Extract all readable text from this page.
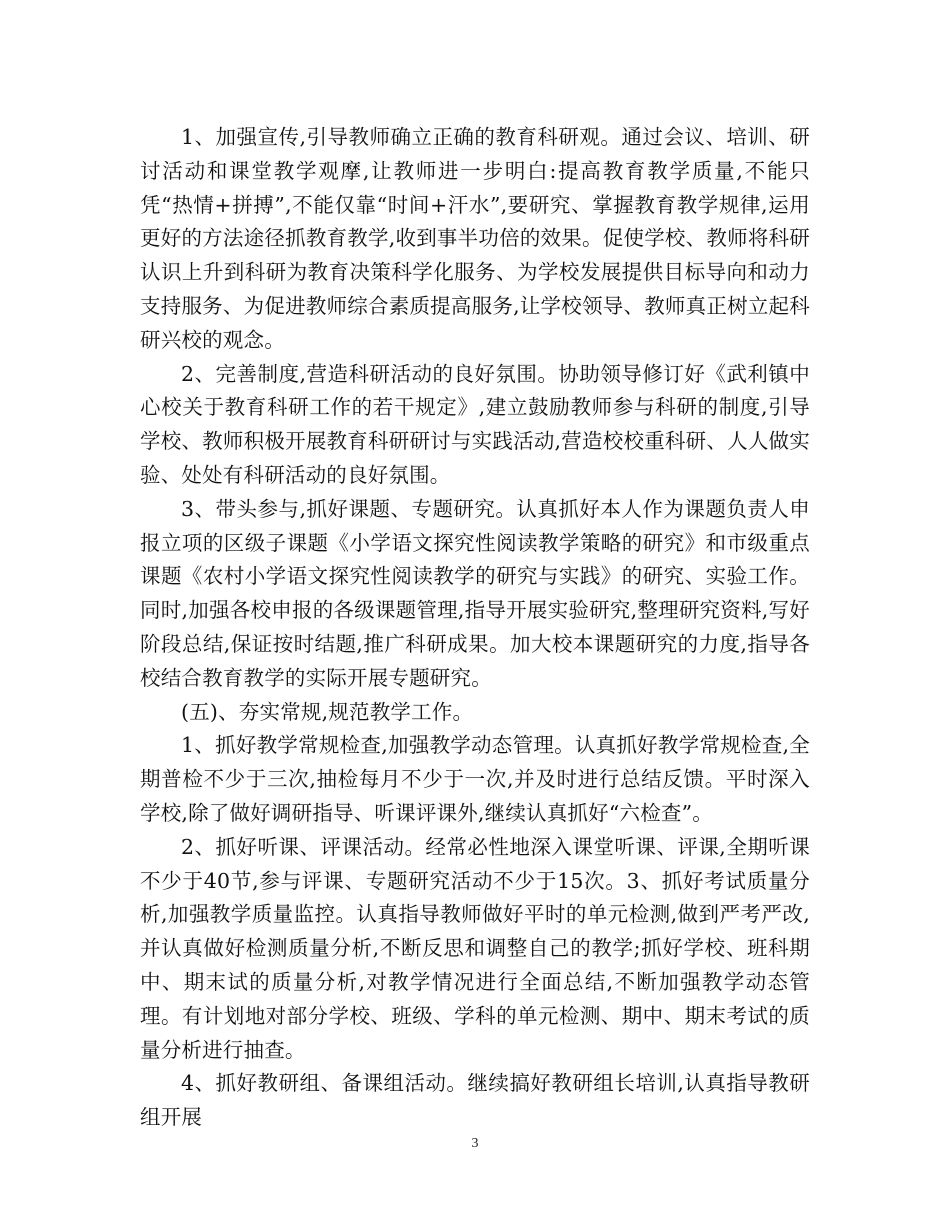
1、加强宣传,引导教师确立正确的教育科研观。通过会议、培训、研讨活动和课堂教学观摩,让教师进一步明白:提高教育教学质量,不能只凭“热情+拼搏”,不能仅靠“时间+汗水”,要研究、掌握教育教学规律,运用更好的方法途径抓教育教学,收到事半功倍的效果。促使学校、教师将科研认识上升到科研为教育决策科学化服务、为学校发展提供目标导向和动力支持服务、为促进教师综合素质提高服务,让学校领导、教师真正树立起科研兴校的观念。

2、完善制度,营造科研活动的良好氛围。协助领导修订好《武利镇中心校关于教育科研工作的若干规定》,建立鼓励教师参与科研的制度,引导学校、教师积极开展教育科研研讨与实践活动,营造校校重科研、人人做实验、处处有科研活动的良好氛围。

3、带头参与,抓好课题、专题研究。认真抓好本人作为课题负责人申报立项的区级子课题《小学语文探究性阅读教学策略的研究》和市级重点课题《农村小学语文探究性阅读教学的研究与实践》的研究、实验工作。同时,加强各校申报的各级课题管理,指导开展实验研究,整理研究资料,写好阶段总结,保证按时结题,推广科研成果。加大校本课题研究的力度,指导各校结合教育教学的实际开展专题研究。

(五)、夯实常规,规范教学工作。

1、抓好教学常规检查,加强教学动态管理。认真抓好教学常规检查,全期普检不少于三次,抽检每月不少于一次,并及时进行总结反馈。平时深入学校,除了做好调研指导、听课评课外,继续认真抓好“六检查”。

2、抓好听课、评课活动。经常必性地深入课堂听课、评课,全期听课不少于40节,参与评课、专题研究活动不少于15次。3、抓好考试质量分析,加强教学质量监控。认真指导教师做好平时的单元检测,做到严考严改,并认真做好检测质量分析,不断反思和调整自己的教学;抓好学校、班科期中、期末试的质量分析,对教学情况进行全面总结,不断加强教学动态管理。有计划地对部分学校、班级、学科的单元检测、期中、期末考试的质量分析进行抽查。

4、抓好教研组、备课组活动。继续搞好教研组长培训,认真指导教研组开展

3
